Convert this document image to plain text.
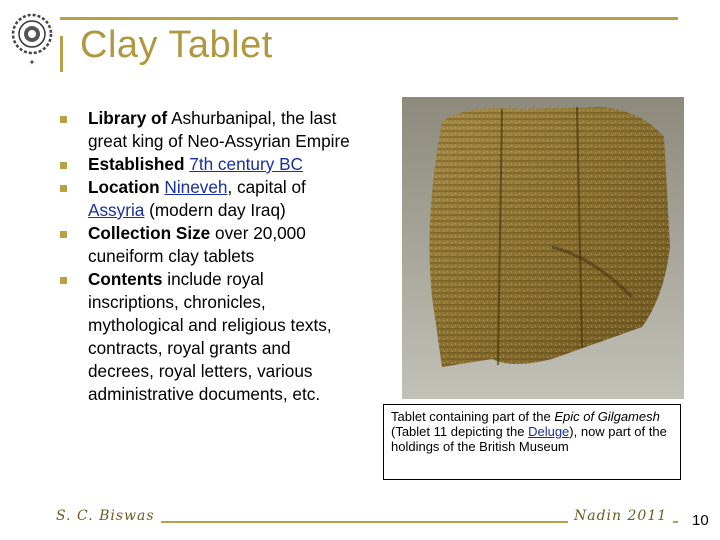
✦ Clay Tablet
Library of Ashurbanipal, the last great king of Neo-Assyrian Empire
Established 7th century BC
Location Nineveh, capital of Assyria (modern day Iraq)
Collection Size over 20,000 cuneiform clay tablets
Contents include royal inscriptions, chronicles, mythological and religious texts, contracts, royal grants and decrees, royal letters, various administrative documents, etc.
Tablet containing part of the Epic of Gilgamesh (Tablet 11 depicting the Deluge), now part of the holdings of the British Museum
S. C. Biswas	Nadin 2011	10
